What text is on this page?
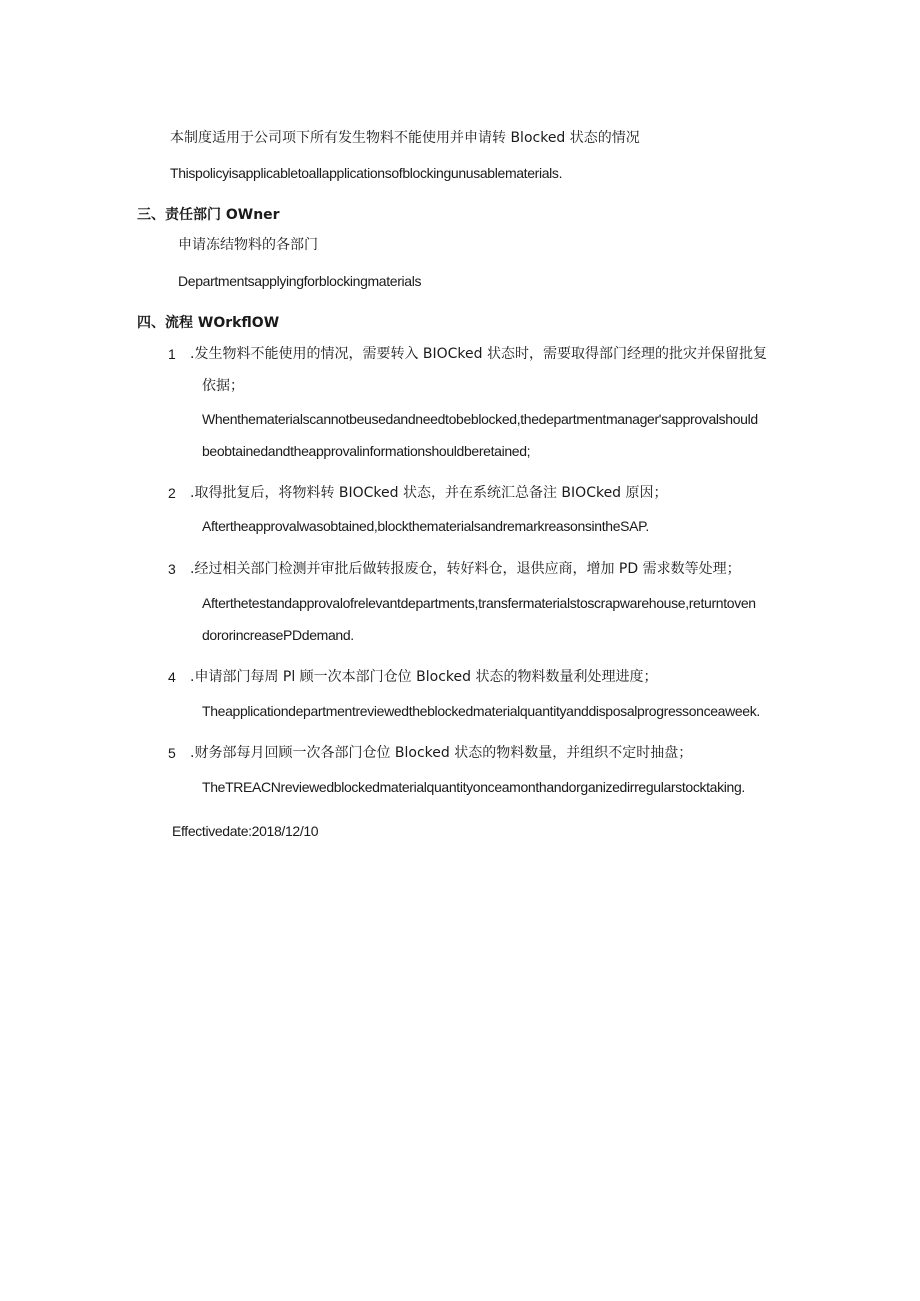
本制度适用于公司项下所有发生物料不能使用并申请转 Blocked 状态的情况

Thispolicyisapplicabletoallapplicationsofblockingunusablematerials.

三、责任部门 OWner

申请冻结物料的各部门

Departmentsapplyingforblockingmaterials

四、流程 WOrkflOW

1 .发生物料不能使用的情况，需要转入 BIOCked 状态时，需要取得部门经理的批灾并保留批复

依据；

Whenthematerialscannotbeusedandneedtobeblocked,thedepartmentmanager'sapprovalshould

beobtainedandtheapprovalinformationshouldberetained;

2 .取得批复后，将物料转 BIOCked 状态，并在系统汇总备注 BIOCked 原因；

Aftertheapprovalwasobtained,blockthematerialsandremarkreasonsintheSAP.

3 .经过相关部门检测并审批后做转报废仓，转好料仓，退供应商，增加 PD 需求数等处理；

Afterthetestandapprovalofrelevantdepartments,transfermaterialstoscrapwarehouse,returntoven

dororincreasePDdemand.

4 .申请部门每周 Pl 顾一次本部门仓位 Blocked 状态的物料数量利处理进度；

Theapplicationdepartmentreviewedtheblockedmaterialquantityanddisposalprogressonceaweek.

5 .财务部每月回顾一次各部门仓位 Blocked 状态的物料数量，并组织不定时抽盘；

TheTREACNreviewedblockedmaterialquantityonceamonthandorganizedirregularstocktaking.

Effectivedate:2018/12/10
